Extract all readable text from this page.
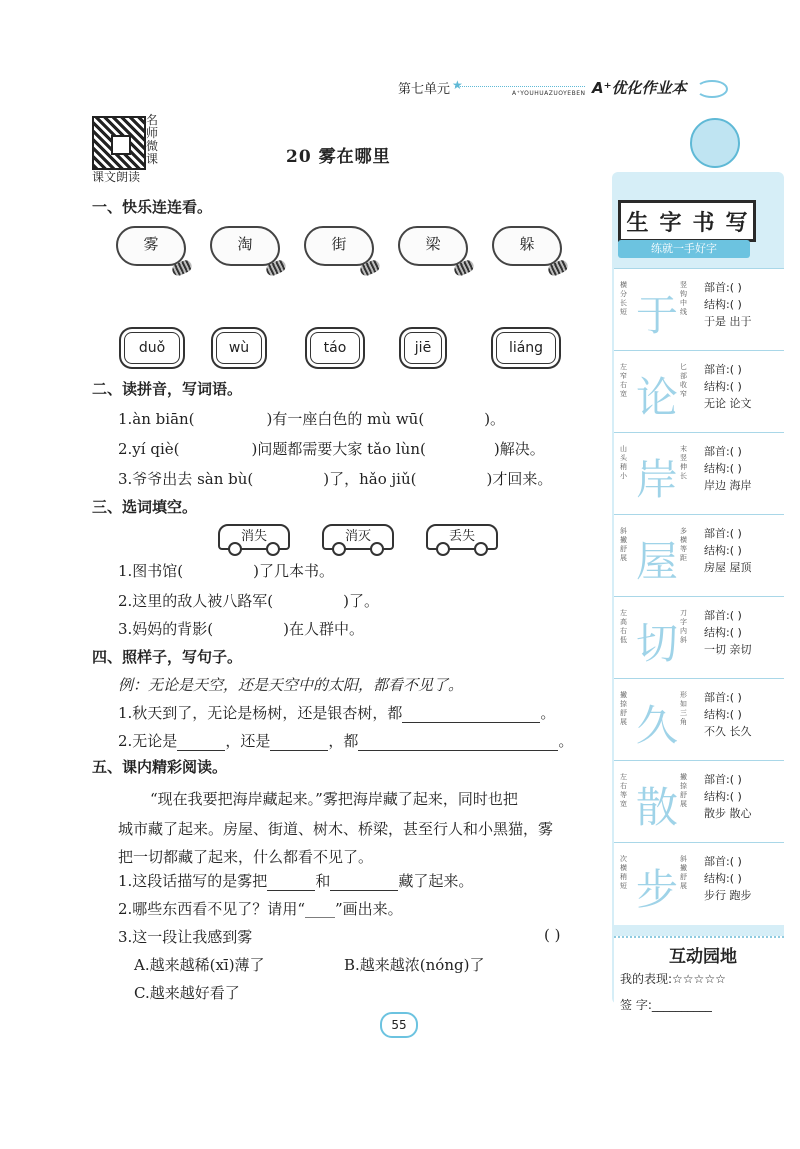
第七单元 ★
A⁺YOUHUAZUOYEBEN A⁺优化作业本
名师微课
课文朗读
20 雾在哪里
一、快乐连连看。
雾	淘	街	梁	躲
duǒ	wù	táo	jiē	liáng
二、读拼音，写词语。
1.àn biān(	)有一座白色的 mù wū(	)。
2.yí qiè(	)问题都需要大家 tǎo lùn(	)解决。
3.爷爷出去 sàn bù(	)了，hǎo jiǔ(	)才回来。
三、选词填空。
消失	消灭	丢失
1.图书馆(	)了几本书。
2.这里的敌人被八路军(	)了。
3.妈妈的背影(	)在人群中。
四、照样子，写句子。
例：无论是天空，还是天空中的太阳，都看不见了。
1.秋天到了，无论是杨树，还是银杏树，都	。
2.无论是	，还是	，都	。
五、课内精彩阅读。
“现在我要把海岸藏起来。”雾把海岸藏了起来，同时也把
城市藏了起来。房屋、街道、树木、桥梁，甚至行人和小黑猫，雾
把一切都藏了起来，什么都看不见了。
1.这段话描写的是雾把	和	藏了起来。
2.哪些东西看不见了？请用“____”画出来。
3.这一段让我感到雾	( )
A.越来越稀(xī)薄了	B.越来越浓(nóng)了
C.越来越好看了
生 字 书 写
练就一手好字
横分长短 于
竖钩中线
部首:( )
结构:( )
于是 出于
左窄右宽 论
匕部收窄
部首:( )
结构:( )
无论 论文
山头稍小 岸
末竖伸长
部首:( )
结构:( )
岸边 海岸
斜撇舒展 屋
多横等距
部首:( )
结构:( )
房屋 屋顶
左高右低 切
刀字内斜
部首:( )
结构:( )
一切 亲切
撇捺舒展 久
形如三角
部首:( )
结构:( )
不久 长久
左右等宽 散
撇捺舒展
部首:( )
结构:( )
散步 散心
次横稍短 步
斜撇舒展
部首:( )
结构:( )
步行 跑步
互动园地
我的表现:☆☆☆☆☆
签 字:__________
55
